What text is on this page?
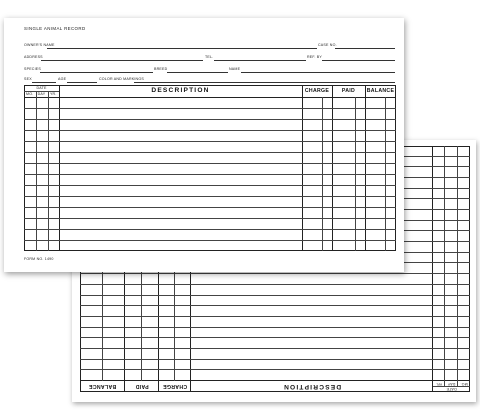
DATE
MO.
DAY
YR.
DESCRIPTION
CHARGE
PAID
BALANCE
SINGLE ANIMAL RECORD
OWNER'S NAME	CASE NO.
ADDRESS	TEL.	REF. BY
SPECIES	BREED	NAME
SEX	AGE	COLOR AND MARKINGS
DATE
MO.	DAY	YR.	DESCRIPTION	CHARGE	PAID	BALANCE
FORM NO. 1490
